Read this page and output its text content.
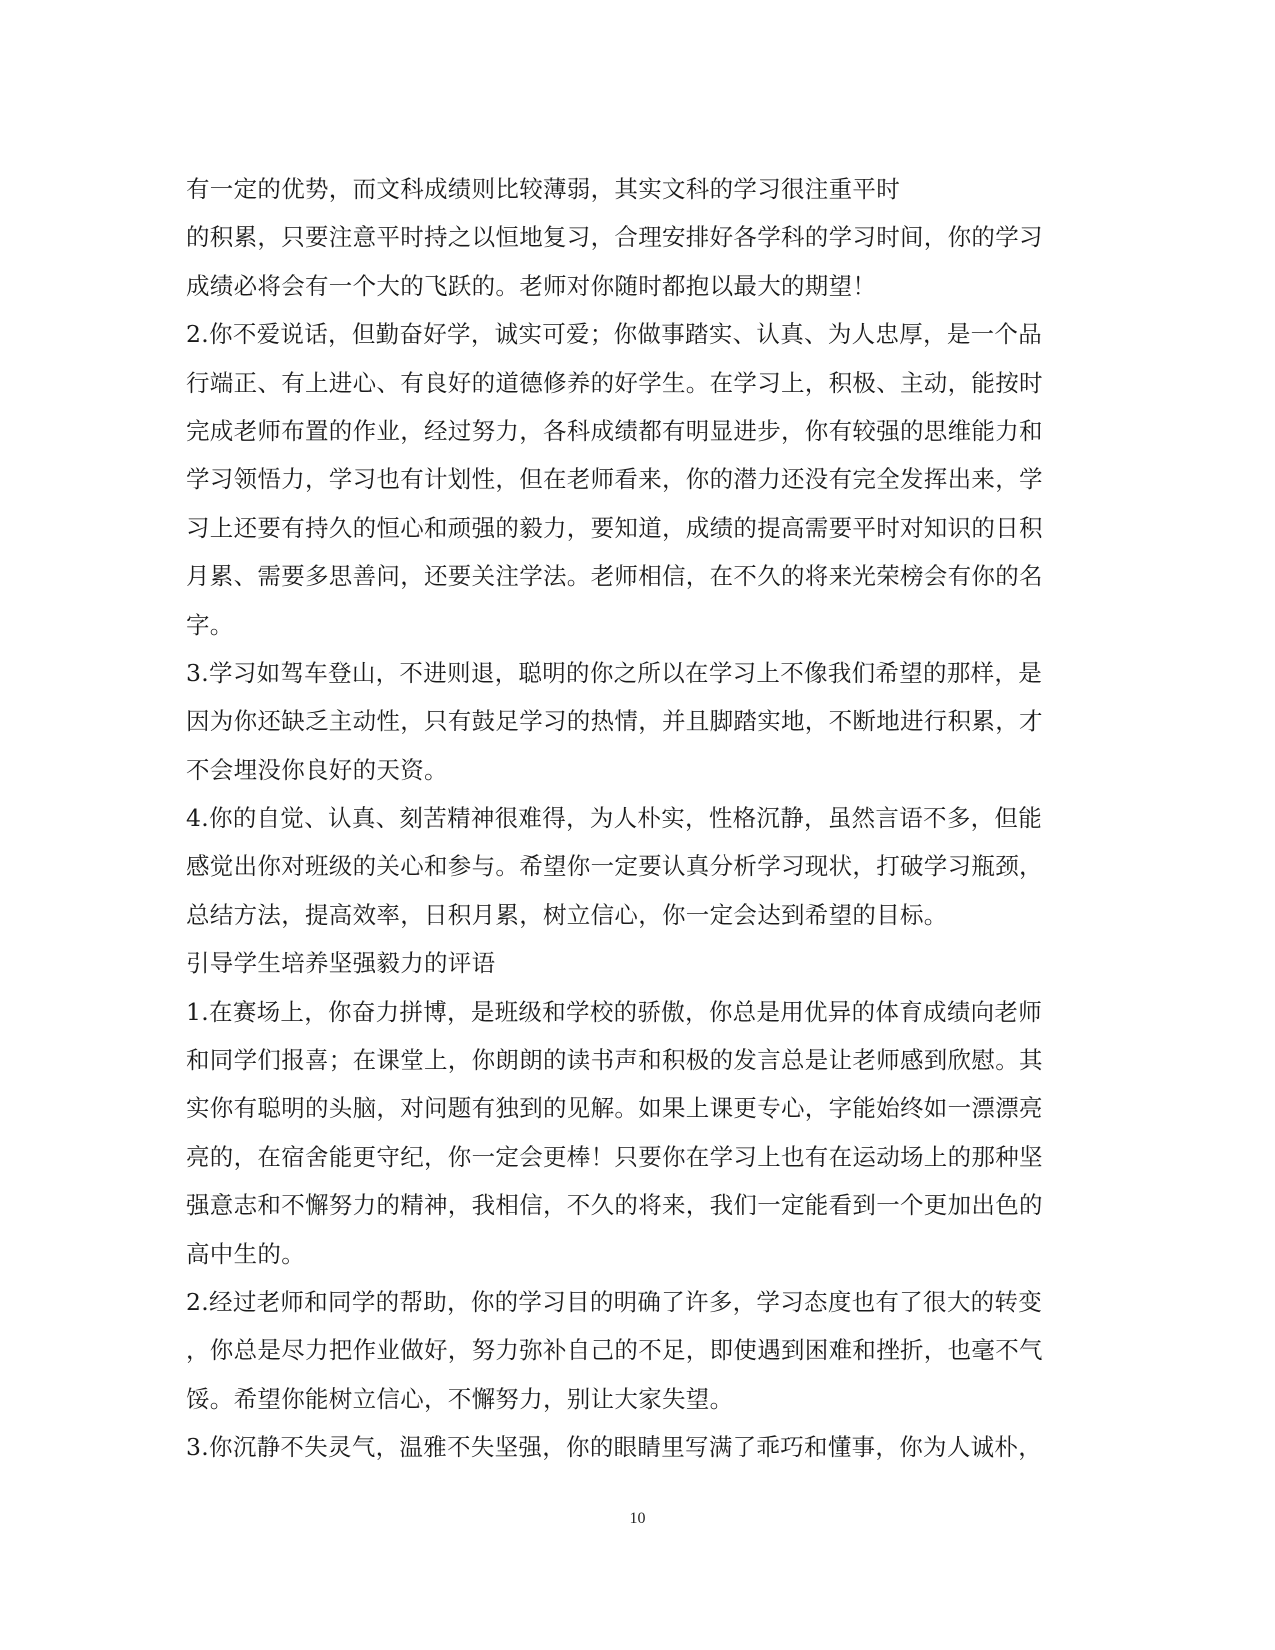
有一定的优势，而文科成绩则比较薄弱，其实文科的学习很注重平时
的积累，只要注意平时持之以恒地复习，合理安排好各学科的学习时间，你的学习
成绩必将会有一个大的飞跃的。老师对你随时都抱以最大的期望！
2.你不爱说话，但勤奋好学，诚实可爱；你做事踏实、认真、为人忠厚，是一个品
行端正、有上进心、有良好的道德修养的好学生。在学习上，积极、主动，能按时
完成老师布置的作业，经过努力，各科成绩都有明显进步，你有较强的思维能力和
学习领悟力，学习也有计划性，但在老师看来，你的潜力还没有完全发挥出来，学
习上还要有持久的恒心和顽强的毅力，要知道，成绩的提高需要平时对知识的日积
月累、需要多思善问，还要关注学法。老师相信，在不久的将来光荣榜会有你的名
字。
3.学习如驾车登山，不进则退，聪明的你之所以在学习上不像我们希望的那样，是
因为你还缺乏主动性，只有鼓足学习的热情，并且脚踏实地，不断地进行积累，才
不会埋没你良好的天资。
4.你的自觉、认真、刻苦精神很难得，为人朴实，性格沉静，虽然言语不多，但能
感觉出你对班级的关心和参与。希望你一定要认真分析学习现状，打破学习瓶颈，
总结方法，提高效率，日积月累，树立信心，你一定会达到希望的目标。
引导学生培养坚强毅力的评语
1.在赛场上，你奋力拼博，是班级和学校的骄傲，你总是用优异的体育成绩向老师
和同学们报喜；在课堂上，你朗朗的读书声和积极的发言总是让老师感到欣慰。其
实你有聪明的头脑，对问题有独到的见解。如果上课更专心，字能始终如一漂漂亮
亮的，在宿舍能更守纪，你一定会更棒！只要你在学习上也有在运动场上的那种坚
强意志和不懈努力的精神，我相信，不久的将来，我们一定能看到一个更加出色的
高中生的。
2.经过老师和同学的帮助，你的学习目的明确了许多，学习态度也有了很大的转变
，你总是尽力把作业做好，努力弥补自己的不足，即使遇到困难和挫折，也毫不气
馁。希望你能树立信心，不懈努力，别让大家失望。
3.你沉静不失灵气，温雅不失坚强，你的眼睛里写满了乖巧和懂事，你为人诚朴，
10
